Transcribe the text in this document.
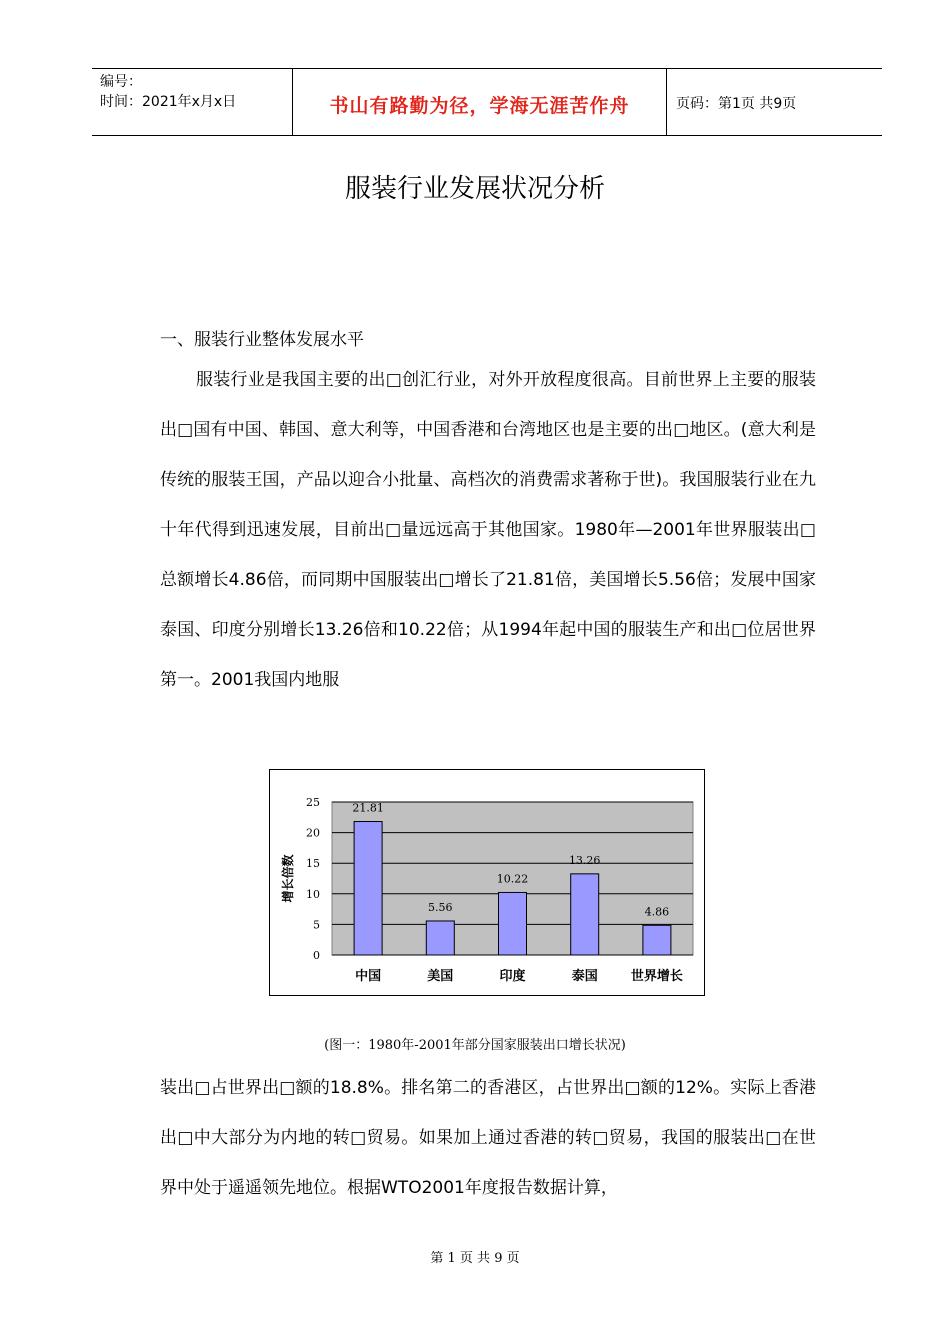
编号：
时间：2021年x月x日	书山有路勤为径，学海无涯苦作舟	页码：第1页 共9页
服装行业发展状况分析
一、服装行业整体发展水平

服装行业是我国主要的出□创汇行业，对外开放程度很高。目前世界上主要的服装出□国有中国、韩国、意大利等，中国香港和台湾地区也是主要的出□地区。(意大利是传统的服装王国，产品以迎合小批量、高档次的消费需求著称于世)。我国服装行业在九十年代得到迅速发展，目前出□量远远高于其他国家。1980年—2001年世界服装出□总额增长4.86倍，而同期中国服装出□增长了21.81倍，美国增长5.56倍；发展中国家泰国、印度分别增长13.26倍和10.22倍；从1994年起中国的服装生产和出□位居世界第一。2001我国内地服

0
5
10
15
20
25	21.81
5.56
10.22
13.26
4.86
中国	美国	印度	泰国	世界增长
增长倍数
(图一：1980年-2001年部分国家服装出口增长状况)

装出□占世界出□额的18.8%。排名第二的香港区，占世界出□额的12%。实际上香港出□中大部分为内地的转□贸易。如果加上通过香港的转□贸易，我国的服装出□在世界中处于遥遥领先地位。根据WTO2001年度报告数据计算，

第 1 页 共 9 页
